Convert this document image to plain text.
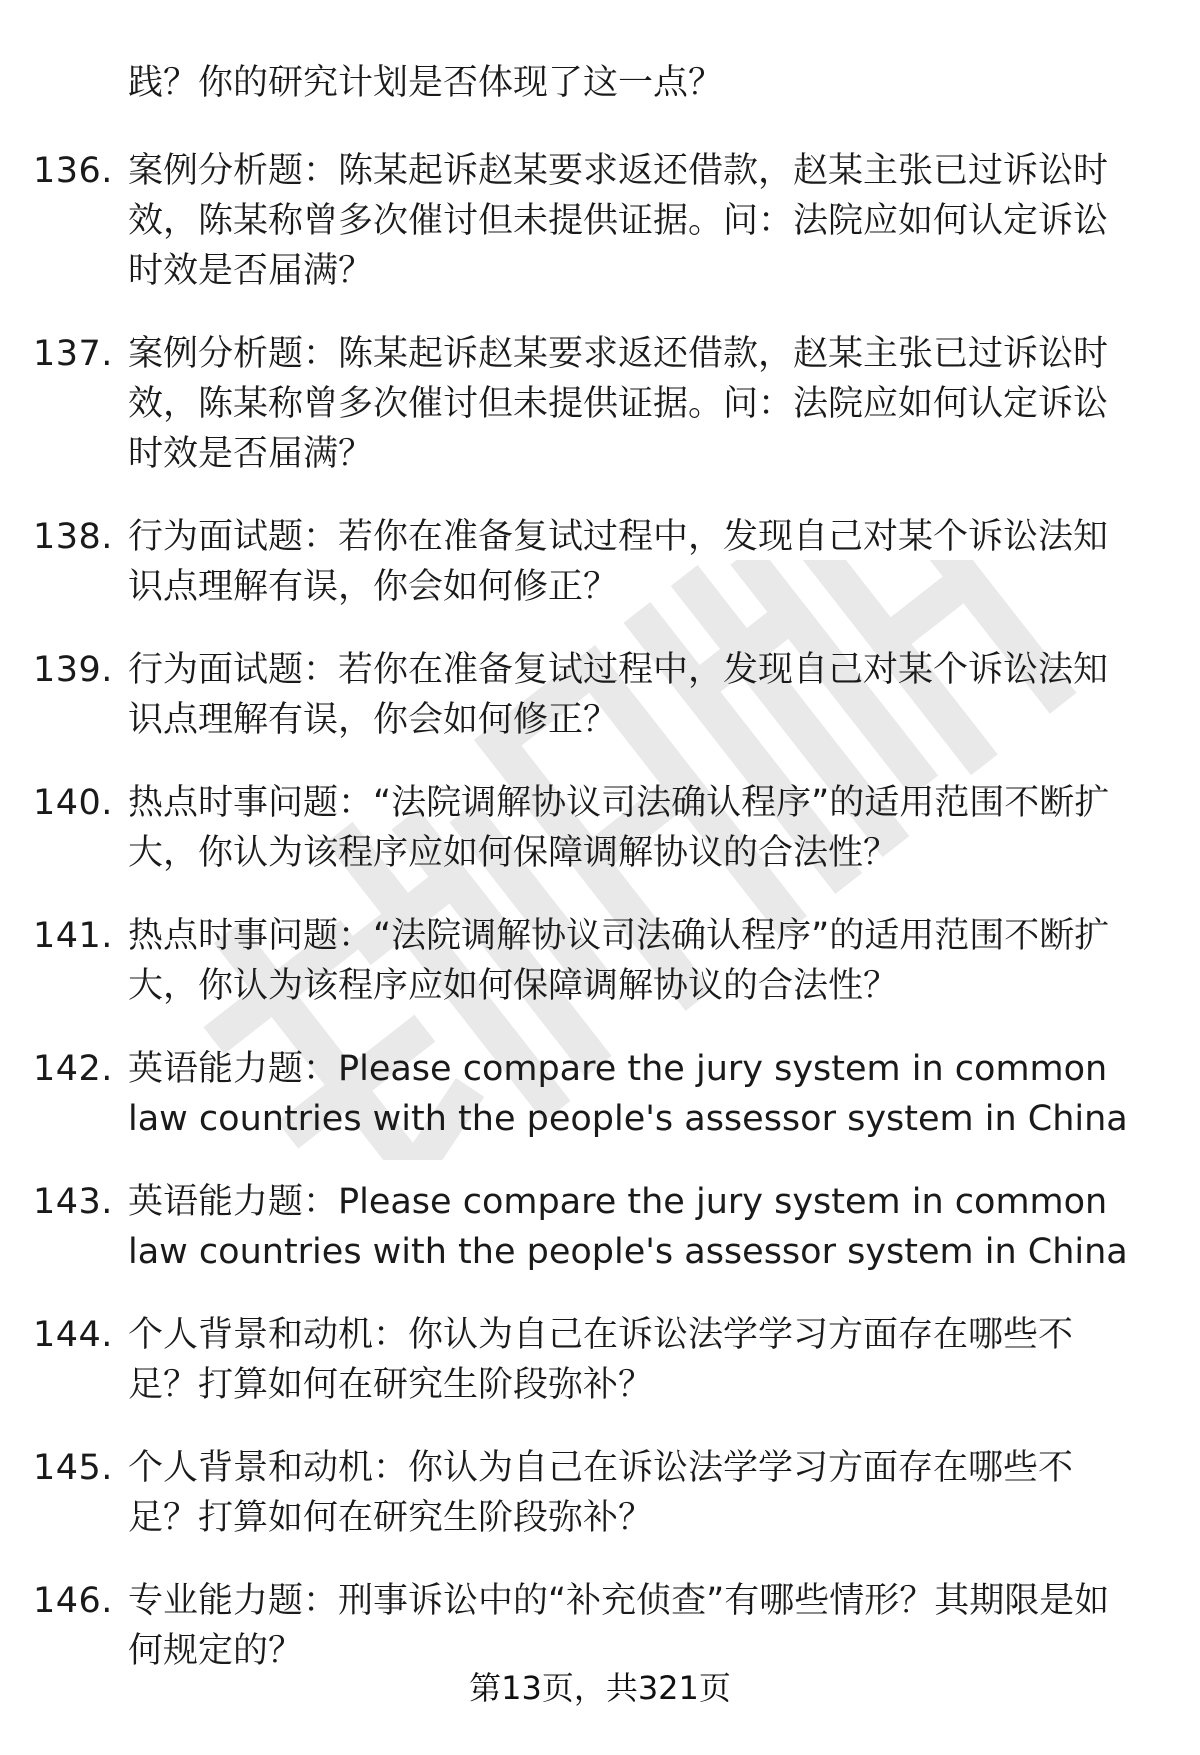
践？你的研究计划是否体现了这一点？
136. 案例分析题：陈某起诉赵某要求返还借款，赵某主张已过诉讼时效，陈某称曾多次催讨但未提供证据。问：法院应如何认定诉讼时效是否届满？
137. 案例分析题：陈某起诉赵某要求返还借款，赵某主张已过诉讼时效，陈某称曾多次催讨但未提供证据。问：法院应如何认定诉讼时效是否届满？
138. 行为面试题：若你在准备复试过程中，发现自己对某个诉讼法知识点理解有误，你会如何修正？
139. 行为面试题：若你在准备复试过程中，发现自己对某个诉讼法知识点理解有误，你会如何修正？
140. 热点时事问题：“法院调解协议司法确认程序”的适用范围不断扩大，你认为该程序应如何保障调解协议的合法性？
141. 热点时事问题：“法院调解协议司法确认程序”的适用范围不断扩大，你认为该程序应如何保障调解协议的合法性？
142. 英语能力题：Please compare the jury system in common law countries with the people's assessor system in China
143. 英语能力题：Please compare the jury system in common law countries with the people's assessor system in China
144. 个人背景和动机：你认为自己在诉讼法学学习方面存在哪些不足？打算如何在研究生阶段弥补？
145. 个人背景和动机：你认为自己在诉讼法学学习方面存在哪些不足？打算如何在研究生阶段弥补？
146. 专业能力题：刑事诉讼中的“补充侦查”有哪些情形？其期限是如何规定的？
第13页，共321页
